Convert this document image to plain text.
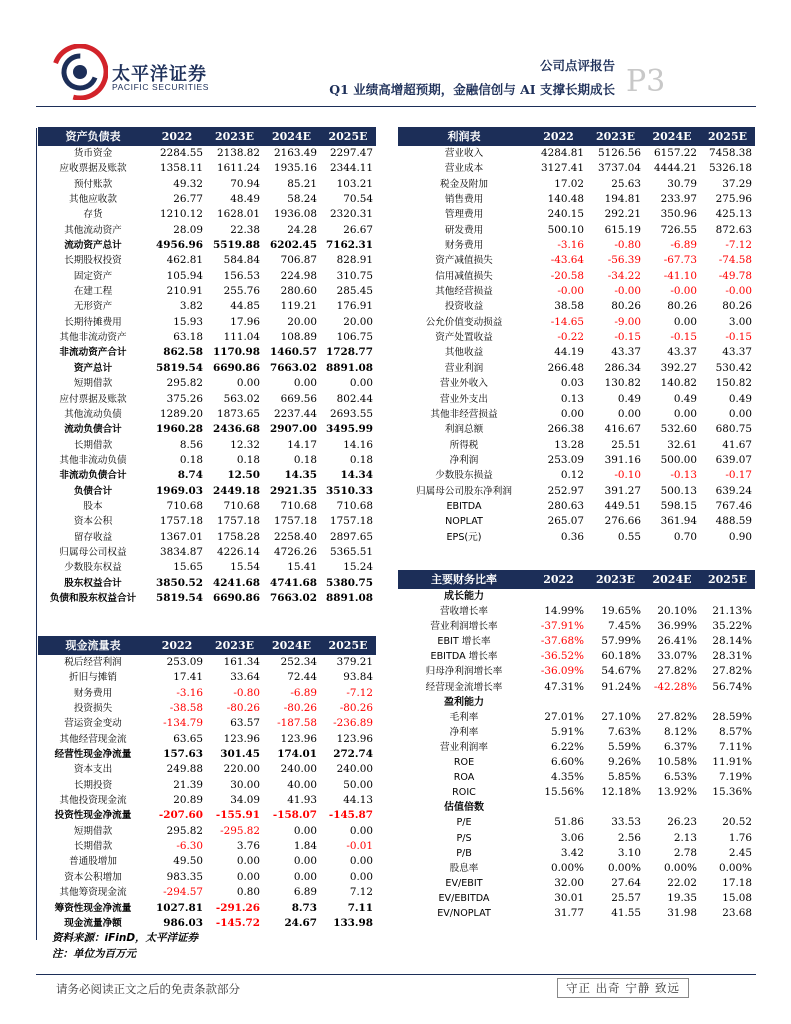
太平洋证券
PACIFIC SECURITIES
公司点评报告
Q1 业绩高增超预期，金融信创与 AI 支撑长期成长 P3
资产负债表	2022	2023E	2024E	2025E
货币资金	2284.55	2138.82	2163.49	2297.47
应收票据及账款	1358.11	1611.24	1935.16	2344.11
预付账款	49.32	70.94	85.21	103.21
其他应收款	26.77	48.49	58.24	70.54
存货	1210.12	1628.01	1936.08	2320.31
其他流动资产	28.09	22.38	24.28	26.67
流动资产总计	4956.96	5519.88	6202.45	7162.31
长期股权投资	462.81	584.84	706.87	828.91
固定资产	105.94	156.53	224.98	310.75
在建工程	210.91	255.76	280.60	285.45
无形资产	3.82	44.85	119.21	176.91
长期待摊费用	15.93	17.96	20.00	20.00
其他非流动资产	63.18	111.04	108.89	106.75
非流动资产合计	862.58	1170.98	1460.57	1728.77
资产总计	5819.54	6690.86	7663.02	8891.08
短期借款	295.82	0.00	0.00	0.00
应付票据及账款	375.26	563.02	669.56	802.44
其他流动负债	1289.20	1873.65	2237.44	2693.55
流动负债合计	1960.28	2436.68	2907.00	3495.99
长期借款	8.56	12.32	14.17	14.16
其他非流动负债	0.18	0.18	0.18	0.18
非流动负债合计	8.74	12.50	14.35	14.34
负债合计	1969.03	2449.18	2921.35	3510.33
股本	710.68	710.68	710.68	710.68
资本公积	1757.18	1757.18	1757.18	1757.18
留存收益	1367.01	1758.28	2258.40	2897.65
归属母公司权益	3834.87	4226.14	4726.26	5365.51
少数股东权益	15.65	15.54	15.41	15.24
股东权益合计	3850.52	4241.68	4741.68	5380.75
负债和股东权益合计	5819.54	6690.86	7663.02	8891.08
利润表	2022	2023E	2024E	2025E
营业收入	4284.81	5126.56	6157.22	7458.38
营业成本	3127.41	3737.04	4444.21	5326.18
税金及附加	17.02	25.63	30.79	37.29
销售费用	140.48	194.81	233.97	275.96
管理费用	240.15	292.21	350.96	425.13
研发费用	500.10	615.19	726.55	872.63
财务费用	-3.16	-0.80	-6.89	-7.12
资产减值损失	-43.64	-56.39	-67.73	-74.58
信用减值损失	-20.58	-34.22	-41.10	-49.78
其他经营损益	-0.00	-0.00	-0.00	-0.00
投资收益	38.58	80.26	80.26	80.26
公允价值变动损益	-14.65	-9.00	0.00	3.00
资产处置收益	-0.22	-0.15	-0.15	-0.15
其他收益	44.19	43.37	43.37	43.37
营业利润	266.48	286.34	392.27	530.42
营业外收入	0.03	130.82	140.82	150.82
营业外支出	0.13	0.49	0.49	0.49
其他非经营损益	0.00	0.00	0.00	0.00
利润总额	266.38	416.67	532.60	680.75
所得税	13.28	25.51	32.61	41.67
净利润	253.09	391.16	500.00	639.07
少数股东损益	0.12	-0.10	-0.13	-0.17
归属母公司股东净利润	252.97	391.27	500.13	639.24
EBITDA	280.63	449.51	598.15	767.46
NOPLAT	265.07	276.66	361.94	488.59
EPS(元)	0.36	0.55	0.70	0.90
现金流量表	2022	2023E	2024E	2025E
税后经营利润	253.09	161.34	252.34	379.21
折旧与摊销	17.41	33.64	72.44	93.84
财务费用	-3.16	-0.80	-6.89	-7.12
投资损失	-38.58	-80.26	-80.26	-80.26
营运资金变动	-134.79	63.57	-187.58	-236.89
其他经营现金流	63.65	123.96	123.96	123.96
经营性现金净流量	157.63	301.45	174.01	272.74
资本支出	249.88	220.00	240.00	240.00
长期投资	21.39	30.00	40.00	50.00
其他投资现金流	20.89	34.09	41.93	44.13
投资性现金净流量	-207.60	-155.91	-158.07	-145.87
短期借款	295.82	-295.82	0.00	0.00
长期借款	-6.30	3.76	1.84	-0.01
普通股增加	49.50	0.00	0.00	0.00
资本公积增加	983.35	0.00	0.00	0.00
其他筹资现金流	-294.57	0.80	6.89	7.12
筹资性现金净流量	1027.81	-291.26	8.73	7.11
现金流量净额	986.03	-145.72	24.67	133.98
主要财务比率	2022	2023E	2024E	2025E
成长能力				
营收增长率	14.99%	19.65%	20.10%	21.13%
营业利润增长率	-37.91%	7.45%	36.99%	35.22%
EBIT 增长率	-37.68%	57.99%	26.41%	28.14%
EBITDA 增长率	-36.52%	60.18%	33.07%	28.31%
归母净利润增长率	-36.09%	54.67%	27.82%	27.82%
经营现金流增长率	47.31%	91.24%	-42.28%	56.74%
盈利能力				
毛利率	27.01%	27.10%	27.82%	28.59%
净利率	5.91%	7.63%	8.12%	8.57%
营业利润率	6.22%	5.59%	6.37%	7.11%
ROE	6.60%	9.26%	10.58%	11.91%
ROA	4.35%	5.85%	6.53%	7.19%
ROIC	15.56%	12.18%	13.92%	15.36%
估值倍数				
P/E	51.86	33.53	26.23	20.52
P/S	3.06	2.56	2.13	1.76
P/B	3.42	3.10	2.78	2.45
股息率	0.00%	0.00%	0.00%	0.00%
EV/EBIT	32.00	27.64	22.02	17.18
EV/EBITDA	30.01	25.57	19.35	15.08
EV/NOPLAT	31.77	41.55	31.98	23.68
资料来源：iFinD，太平洋证券
注：单位为百万元
请务必阅读正文之后的免责条款部分	守正 出奇 宁静 致远
